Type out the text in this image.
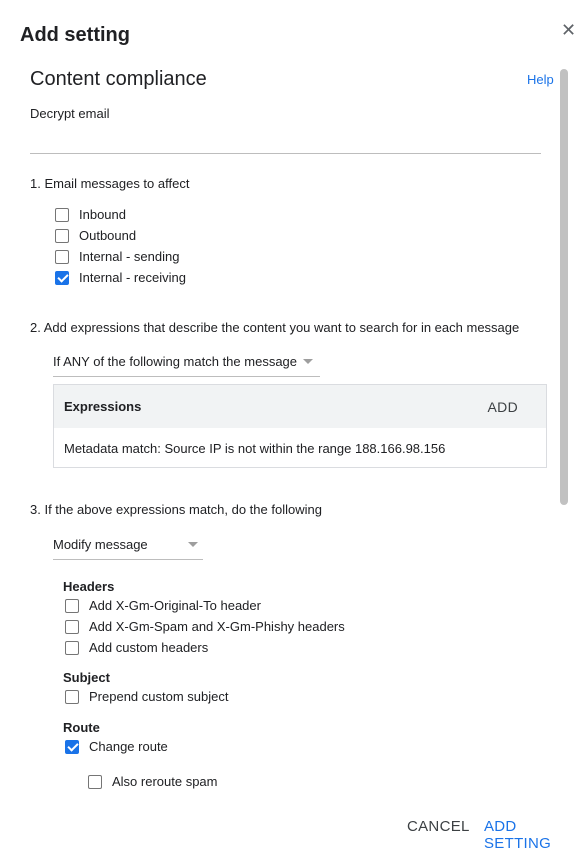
Add setting	✕
Content compliance	Help
Decrypt email
1. Email messages to affect
Inbound
Outbound
Internal - sending
Internal - receiving
2. Add expressions that describe the content you want to search for in each message
If ANY of the following match the message
Expressions	ADD
Metadata match: Source IP is not within the range 188.166.98.156
3. If the above expressions match, do the following
Modify message
Headers
Add X-Gm-Original-To header
Add X-Gm-Spam and X-Gm-Phishy headers
Add custom headers
Subject
Prepend custom subject
Route
Change route
Also reroute spam
CANCEL ADD SETTING
